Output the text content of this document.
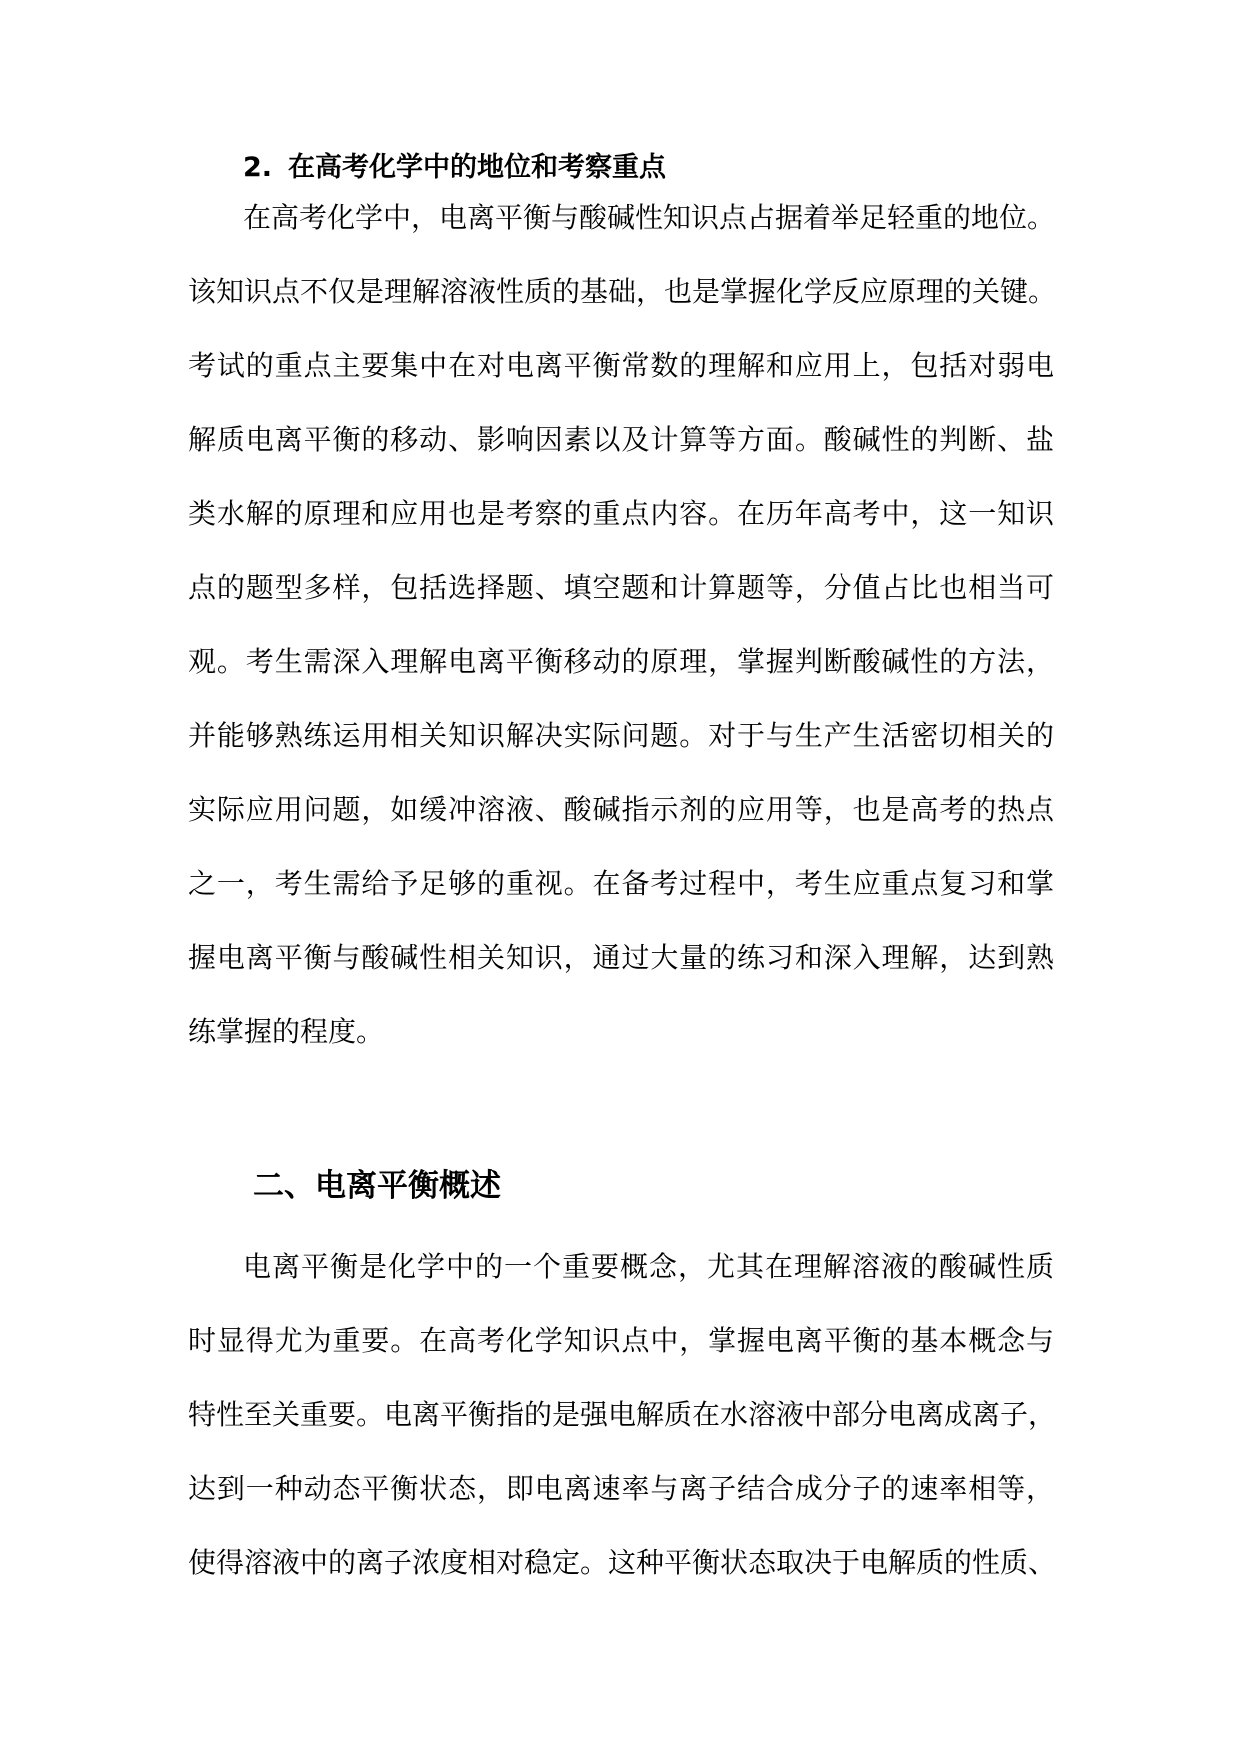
2. 在高考化学中的地位和考察重点

在高考化学中，电离平衡与酸碱性知识点占据着举足轻重的地位。

该知识点不仅是理解溶液性质的基础，也是掌握化学反应原理的关键。

考试的重点主要集中在对电离平衡常数的理解和应用上，包括对弱电

解质电离平衡的移动、影响因素以及计算等方面。酸碱性的判断、盐

类水解的原理和应用也是考察的重点内容。在历年高考中，这一知识

点的题型多样，包括选择题、填空题和计算题等，分值占比也相当可

观。考生需深入理解电离平衡移动的原理，掌握判断酸碱性的方法，

并能够熟练运用相关知识解决实际问题。对于与生产生活密切相关的

实际应用问题，如缓冲溶液、酸碱指示剂的应用等，也是高考的热点

之一，考生需给予足够的重视。在备考过程中，考生应重点复习和掌

握电离平衡与酸碱性相关知识，通过大量的练习和深入理解，达到熟

练掌握的程度。

二、电离平衡概述

电离平衡是化学中的一个重要概念，尤其在理解溶液的酸碱性质

时显得尤为重要。在高考化学知识点中，掌握电离平衡的基本概念与

特性至关重要。电离平衡指的是强电解质在水溶液中部分电离成离子，

达到一种动态平衡状态，即电离速率与离子结合成分子的速率相等，

使得溶液中的离子浓度相对稳定。这种平衡状态取决于电解质的性质、
